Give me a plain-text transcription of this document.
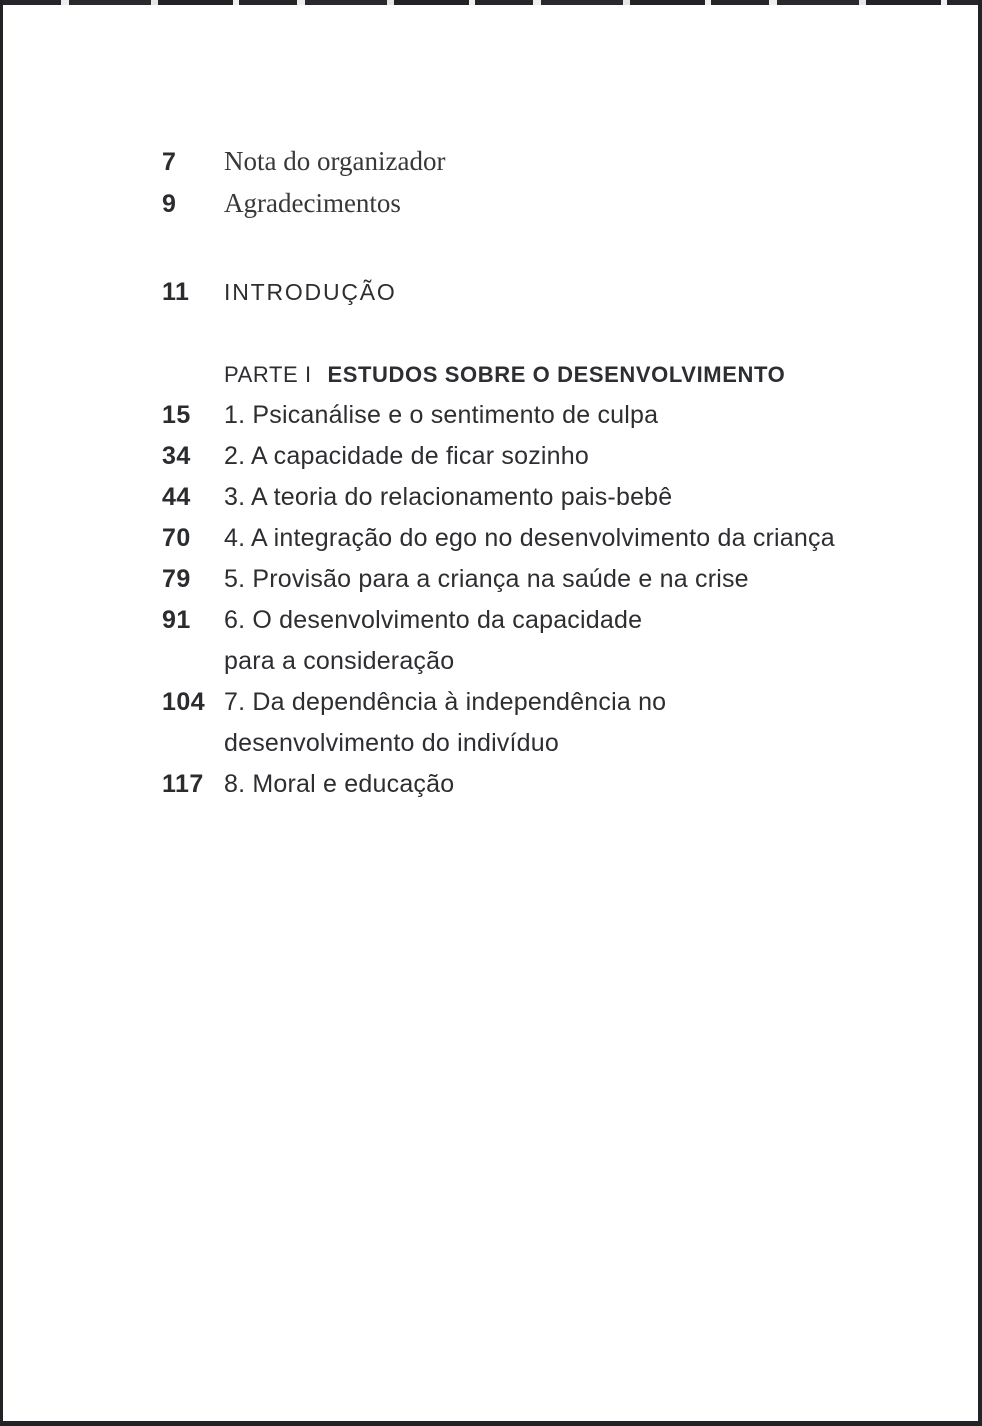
7	Nota do organizador
9	Agradecimentos
11	INTRODUÇÃO
PARTE I ESTUDOS SOBRE O DESENVOLVIMENTO
15	1. Psicanálise e o sentimento de culpa
34	2. A capacidade de ficar sozinho
44	3. A teoria do relacionamento pais-bebê
70	4. A integração do ego no desenvolvimento da criança
79	5. Provisão para a criança na saúde e na crise
91	6. O desenvolvimento da capacidade
para a consideração
104 7. Da dependência à independência no
desenvolvimento do indivíduo
117 8. Moral e educação
